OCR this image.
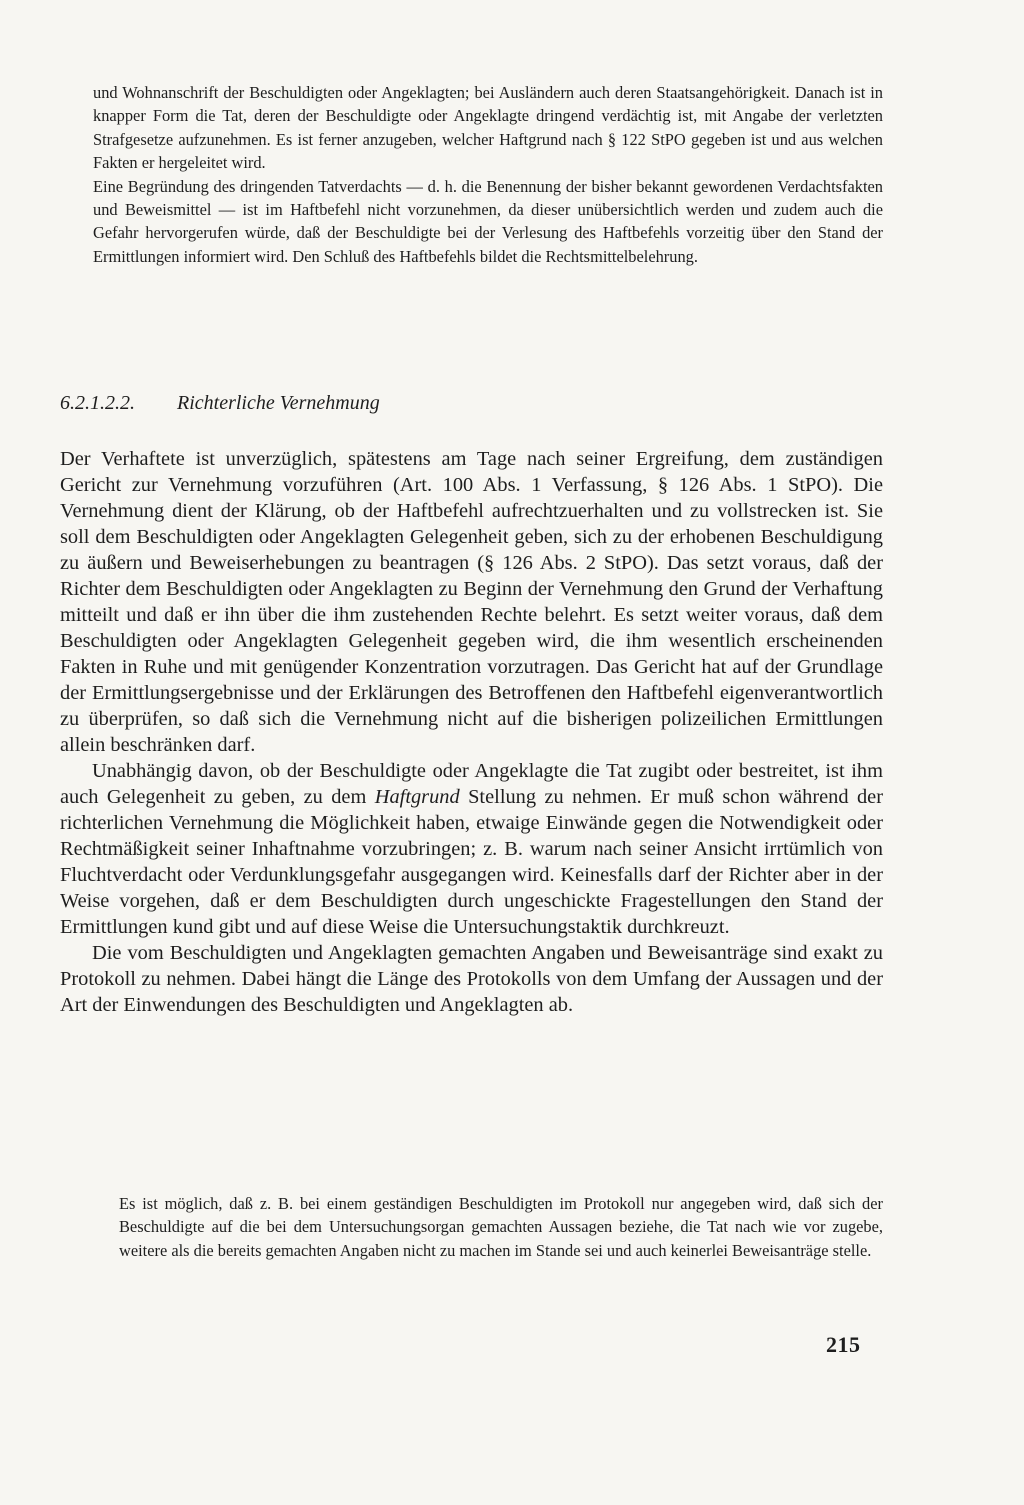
und Wohnanschrift der Beschuldigten oder Angeklagten; bei Ausländern auch deren Staatsangehörigkeit. Danach ist in knapper Form die Tat, deren der Beschuldigte oder Angeklagte dringend verdächtig ist, mit Angabe der verletzten Strafgesetze aufzunehmen. Es ist ferner anzugeben, welcher Haftgrund nach § 122 StPO gegeben ist und aus welchen Fakten er hergeleitet wird.

Eine Begründung des dringenden Tatverdachts — d. h. die Benennung der bisher bekannt gewordenen Verdachtsfakten und Beweismittel — ist im Haftbefehl nicht vorzunehmen, da dieser unübersichtlich werden und zudem auch die Gefahr hervorgerufen würde, daß der Beschuldigte bei der Verlesung des Haftbefehls vorzeitig über den Stand der Ermittlungen informiert wird. Den Schluß des Haftbefehls bildet die Rechtsmittelbelehrung.

6.2.1.2.2. Richterliche Vernehmung

Der Verhaftete ist unverzüglich, spätestens am Tage nach seiner Ergreifung, dem zuständigen Gericht zur Vernehmung vorzuführen (Art. 100 Abs. 1 Verfassung, § 126 Abs. 1 StPO). Die Vernehmung dient der Klärung, ob der Haftbefehl aufrechtzuerhalten und zu vollstrecken ist. Sie soll dem Beschuldigten oder Angeklagten Gelegenheit geben, sich zu der erhobenen Beschuldigung zu äußern und Beweiserhebungen zu beantragen (§ 126 Abs. 2 StPO). Das setzt voraus, daß der Richter dem Beschuldigten oder Angeklagten zu Beginn der Vernehmung den Grund der Verhaftung mitteilt und daß er ihn über die ihm zustehenden Rechte belehrt. Es setzt weiter voraus, daß dem Beschuldigten oder Angeklagten Gelegenheit gegeben wird, die ihm wesentlich erscheinenden Fakten in Ruhe und mit genügender Konzentration vorzutragen. Das Gericht hat auf der Grundlage der Ermittlungsergebnisse und der Erklärungen des Betroffenen den Haftbefehl eigenverantwortlich zu überprüfen, so daß sich die Vernehmung nicht auf die bisherigen polizeilichen Ermittlungen allein beschränken darf.

Unabhängig davon, ob der Beschuldigte oder Angeklagte die Tat zugibt oder bestreitet, ist ihm auch Gelegenheit zu geben, zu dem Haftgrund Stellung zu nehmen. Er muß schon während der richterlichen Vernehmung die Möglichkeit haben, etwaige Einwände gegen die Notwendigkeit oder Rechtmäßigkeit seiner Inhaftnahme vorzubringen; z. B. warum nach seiner Ansicht irrtümlich von Fluchtverdacht oder Verdunklungsgefahr ausgegangen wird. Keinesfalls darf der Richter aber in der Weise vorgehen, daß er dem Beschuldigten durch ungeschickte Fragestellungen den Stand der Ermittlungen kund gibt und auf diese Weise die Untersuchungstaktik durchkreuzt.

Die vom Beschuldigten und Angeklagten gemachten Angaben und Beweisanträge sind exakt zu Protokoll zu nehmen. Dabei hängt die Länge des Protokolls von dem Umfang der Aussagen und der Art der Einwendungen des Beschuldigten und Angeklagten ab.

Es ist möglich, daß z. B. bei einem geständigen Beschuldigten im Protokoll nur angegeben wird, daß sich der Beschuldigte auf die bei dem Untersuchungsorgan gemachten Aussagen beziehe, die Tat nach wie vor zugebe, weitere als die bereits gemachten Angaben nicht zu machen im Stande sei und auch keinerlei Beweisanträge stelle.

215
